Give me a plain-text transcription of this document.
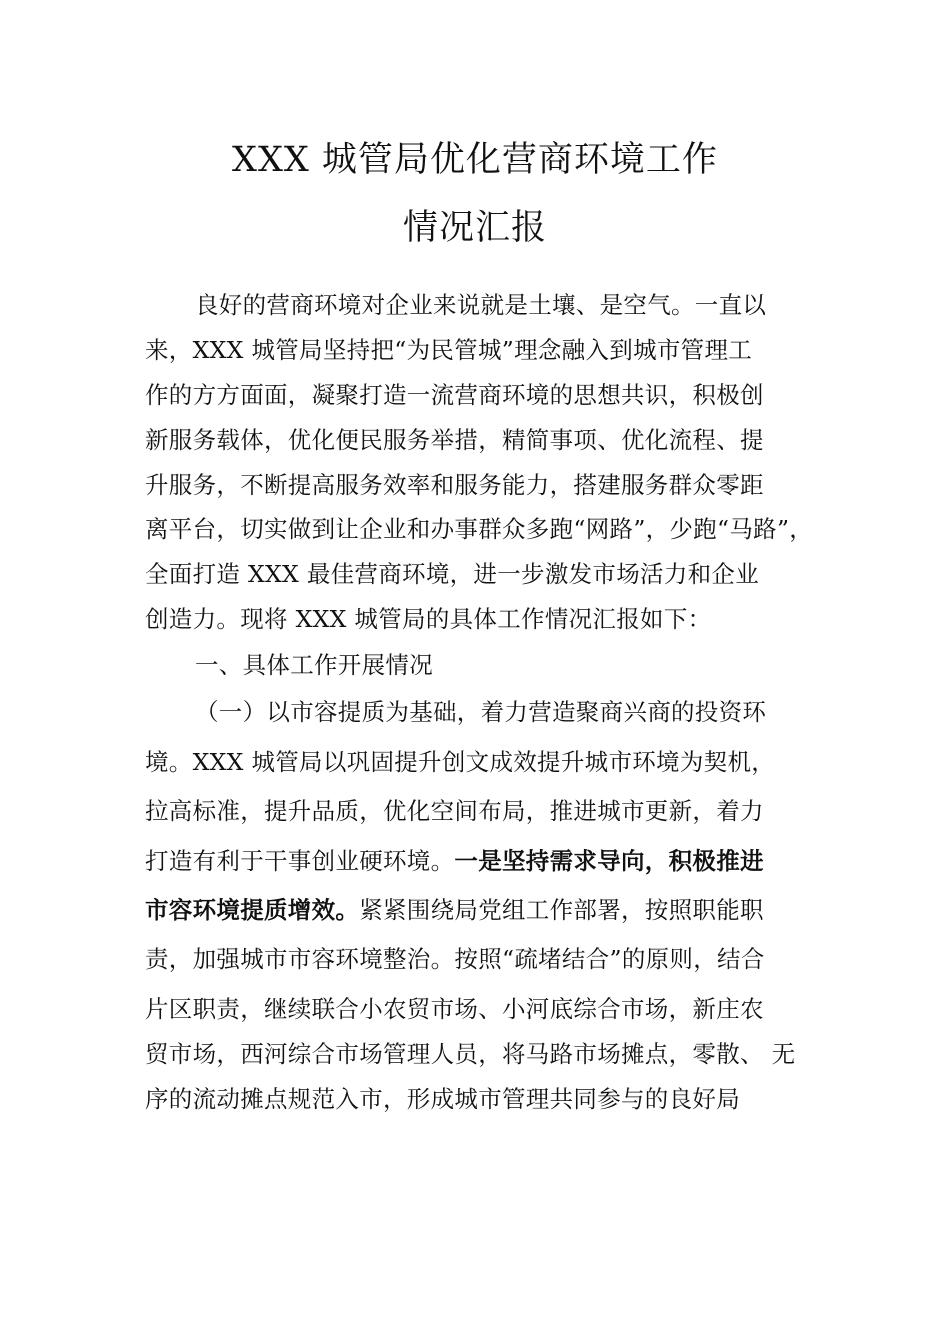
XXX 城管局优化营商环境工作
情况汇报
良好的营商环境对企业来说就是土壤、是空气。一直以
来，XXX 城管局坚持把“为民管城”理念融入到城市管理工
作的方方面面，凝聚打造一流营商环境的思想共识，积极创
新服务载体，优化便民服务举措，精简事项、优化流程、提
升服务，不断提高服务效率和服务能力，搭建服务群众零距
离平台，切实做到让企业和办事群众多跑“网路”，少跑“马路”，
全面打造 XXX 最佳营商环境，进一步激发市场活力和企业
创造力。现将 XXX 城管局的具体工作情况汇报如下：
一、具体工作开展情况
（一）以市容提质为基础，着力营造聚商兴商的投资环
境。XXX 城管局以巩固提升创文成效提升城市环境为契机，
拉高标准，提升品质，优化空间布局，推进城市更新，着力
打造有利于干事创业硬环境。一是坚持需求导向，积极推进
市容环境提质增效。紧紧围绕局党组工作部署，按照职能职
责，加强城市市容环境整治。按照“疏堵结合”的原则，结合
片区职责，继续联合小农贸市场、小河底综合市场，新庄农
贸市场，西河综合市场管理人员，将马路市场摊点，零散、 无
序的流动摊点规范入市，形成城市管理共同参与的良好局
